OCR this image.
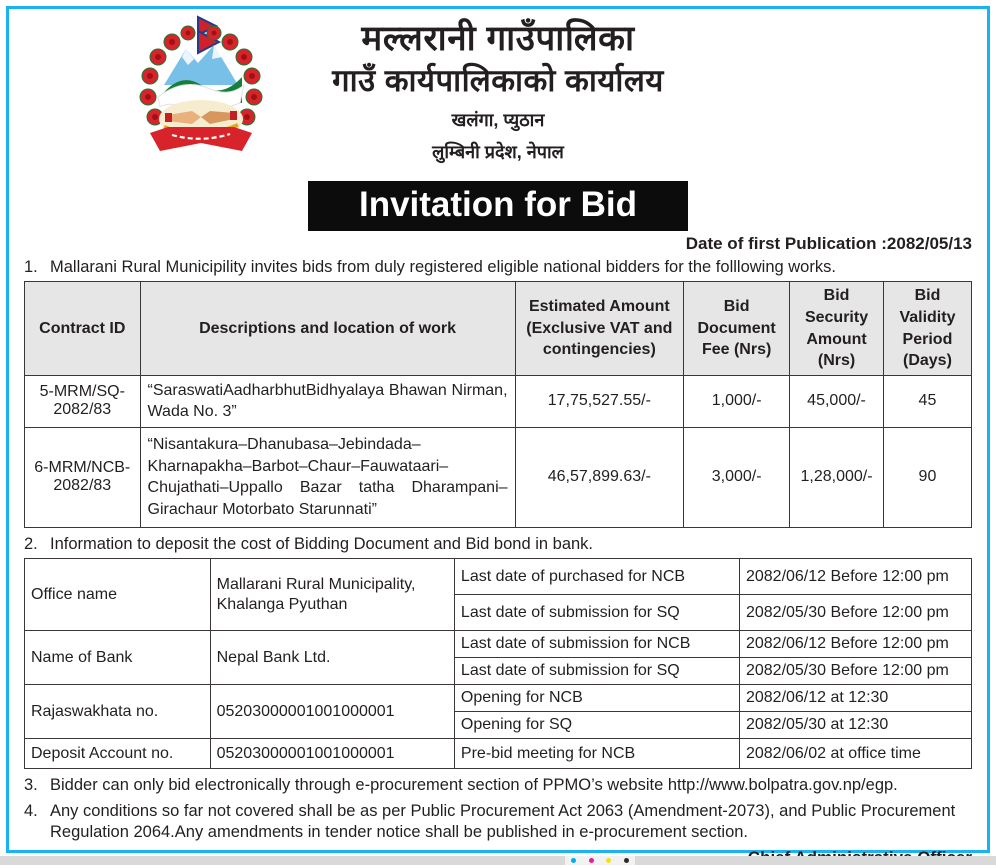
मल्लरानी गाउँपालिका
गाउँ कार्यपालिकाको कार्यालय
खलंगा, प्युठान
लुम्बिनी प्रदेश, नेपाल
Invitation for Bid
Date of first Publication :2082/05/13
1. Mallarani Rural Municipility invites bids from duly registered eligible national bidders for the folllowing works.
Contract ID	Descriptions and location of work	Estimated Amount (Exclusive VAT and contingencies)	Bid Document Fee (Nrs)	Bid Security Amount (Nrs)	Bid Validity Period (Days)
5-MRM/SQ-2082/83	“SaraswatiAadharbhutBidhyalaya Bhawan Nirman, Wada No. 3”	17,75,527.55/-	1,000/-	45,000/-	45
6-MRM/NCB-2082/83	“Nisantakura–Dhanubasa–Jebindada–Kharnapakha–Barbot–Chaur–Fauwataari–Chujathati–Uppallo Bazar tatha Dharampani–Girachaur Motorbato Starunnati”	46,57,899.63/-	3,000/-	1,28,000/-	90
2. Information to deposit the cost of Bidding Document and Bid bond in bank.
Office name	Mallarani Rural Municipality, Khalanga Pyuthan	Last date of purchased for NCB	2082/06/12 Before 12:00 pm
		Last date of submission for SQ	2082/05/30 Before 12:00 pm
Name of Bank	Nepal Bank Ltd.	Last date of submission for NCB	2082/06/12 Before 12:00 pm
		Last date of submission for SQ	2082/05/30 Before 12:00 pm
Rajaswakhata no.	05203000001001000001	Opening for NCB	2082/06/12 at 12:30
		Opening for SQ	2082/05/30 at 12:30
Deposit Account no.	05203000001001000001	Pre-bid meeting for NCB	2082/06/02 at office time
3. Bidder can only bid electronically through e-procurement section of PPMO’s website http://www.bolpatra.gov.np/egp.
4. Any conditions so far not covered shall be as per Public Procurement Act 2063 (Amendment-2073), and Public Procurement Regulation 2064.Any amendments in tender notice shall be published in e-procurement section.
